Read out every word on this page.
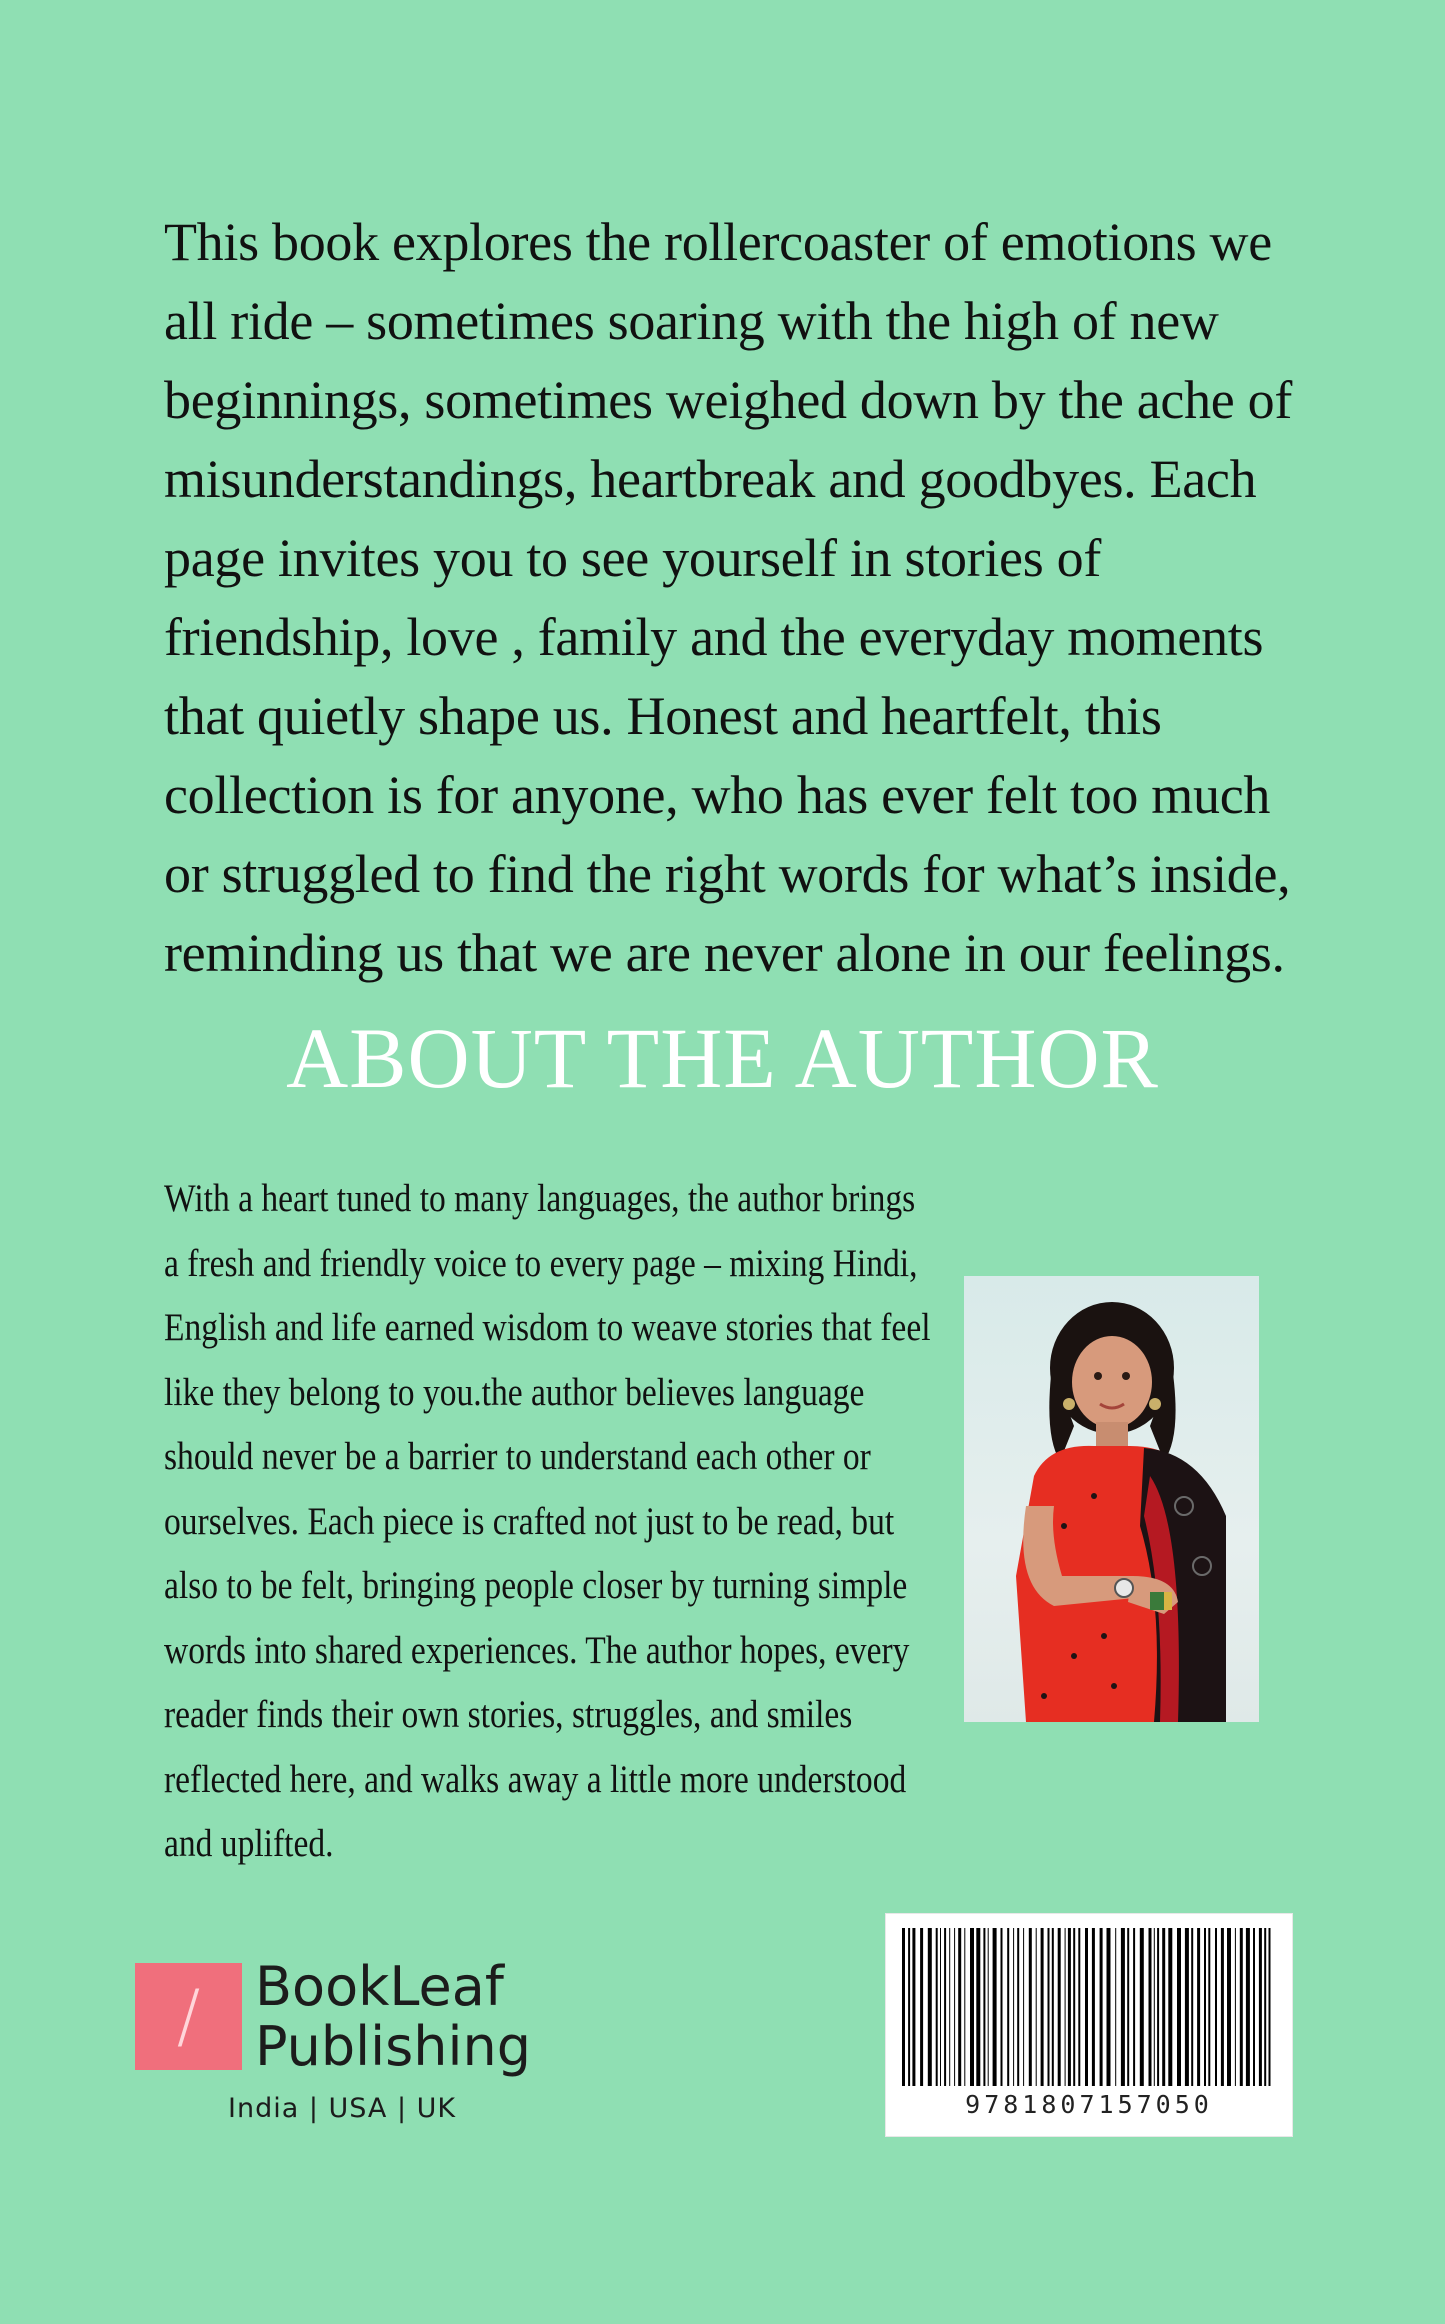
This book explores the rollercoaster of emotions we all ride – sometimes soaring with the high of new beginnings, sometimes weighed down by the ache of misunderstandings, heartbreak and goodbyes. Each page invites you to see yourself in stories of friendship, love , family and the everyday moments that quietly shape us. Honest and heartfelt, this collection is for anyone, who has ever felt too much or struggled to find the right words for what’s inside, reminding us that we are never alone in our feelings.

ABOUT THE AUTHOR

With a heart tuned to many languages, the author brings a fresh and friendly voice to every page – mixing Hindi, English and life earned wisdom to weave stories that feel like they belong to you.the author believes language should never be a barrier to understand each other or ourselves. Each piece is crafted not just to be read, but also to be felt, bringing people closer by turning simple words into shared experiences. The author hopes, every reader finds their own stories, struggles, and smiles reflected here, and walks away a little more understood and uplifted.

/	BookLeaf
Publishing
India | USA | UK	9781807157050
